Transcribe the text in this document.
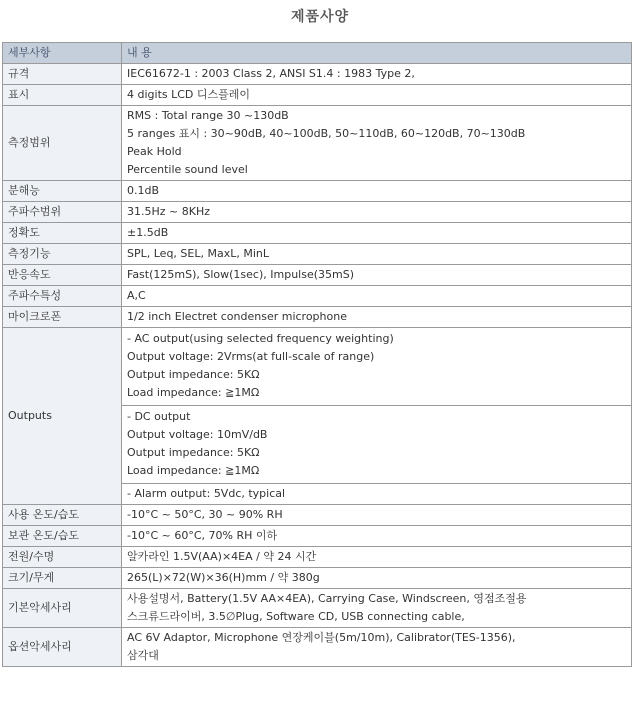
제품사양
세부사항	내 용
규격	IEC61672-1 : 2003 Class 2, ANSI S1.4 : 1983 Type 2,
표시	4 digits LCD 디스플레이
측정범위	RMS : Total range 30 ~130dB
5 ranges 표시 : 30~90dB, 40~100dB, 50~110dB, 60~120dB, 70~130dB
Peak Hold
Percentile sound level

분해능	0.1dB
주파수범위	31.5Hz ~ 8KHz
정확도	±1.5dB
측정기능	SPL, Leq, SEL, MaxL, MinL
반응속도	Fast(125mS), Slow(1sec), Impulse(35mS)
주파수특성	A,C
마이크로폰	1/2 inch Electret condenser microphone
Outputs	- AC output(using selected frequency weighting)
Output voltage: 2Vrms(at full-scale of range)
Output impedance: 5KΩ
Load impedance: ≧1MΩ

	- DC output
Output voltage: 10mV/dB
Output impedance: 5KΩ
Load impedance: ≧1MΩ

	- Alarm output: 5Vdc, typical
사용 온도/습도	-10°C ~ 50°C, 30 ~ 90% RH
보관 온도/습도	-10°C ~ 60°C, 70% RH 이하
전원/수명	알카라인 1.5V(AA)×4EA / 약 24 시간
크기/무게	265(L)×72(W)×36(H)mm / 약 380g
기본악세사리	사용설명서, Battery(1.5V AA×4EA), Carrying Case, Windscreen, 영점조절용
스크류드라이버, 3.5∅Plug, Software CD, USB connecting cable,

옵션악세사리	AC 6V Adaptor, Microphone 연장케이블(5m/10m), Calibrator(TES-1356),
삼각대
